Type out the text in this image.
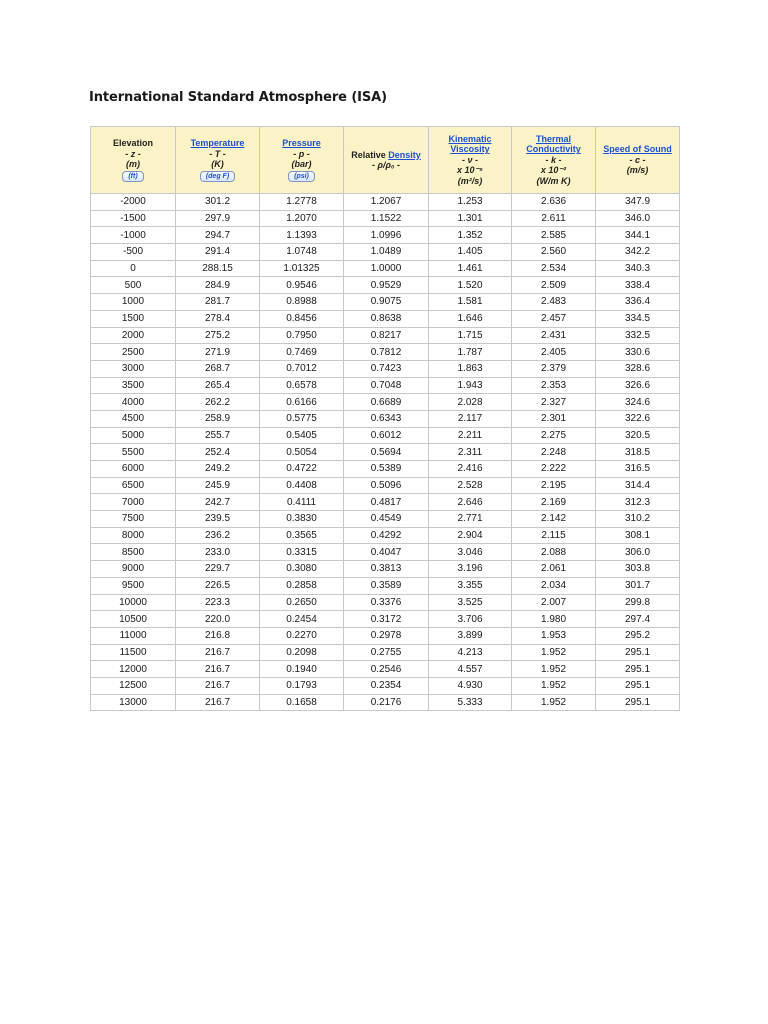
International Standard Atmosphere (ISA)
Elevation
- z -
(m)
(ft)	Temperature
- T -
(K)
(deg F)	Pressure
- p -
(bar)
(psi)	Relative Density
- ρ/ρ₀ -	Kinematic
Viscosity
- ν -
x 10⁻⁵
(m²/s)	Thermal
Conductivity
- k -
x 10⁻²
(W/m K)	Speed of Sound
- c -
(m/s)

-2000	301.2	1.2778	1.2067	1.253	2.636	347.9
-1500	297.9	1.2070	1.1522	1.301	2.611	346.0
-1000	294.7	1.1393	1.0996	1.352	2.585	344.1
-500	291.4	1.0748	1.0489	1.405	2.560	342.2
0	288.15	1.01325	1.0000	1.461	2.534	340.3
500	284.9	0.9546	0.9529	1.520	2.509	338.4
1000	281.7	0.8988	0.9075	1.581	2.483	336.4
1500	278.4	0.8456	0.8638	1.646	2.457	334.5
2000	275.2	0.7950	0.8217	1.715	2.431	332.5
2500	271.9	0.7469	0.7812	1.787	2.405	330.6
3000	268.7	0.7012	0.7423	1.863	2.379	328.6
3500	265.4	0.6578	0.7048	1.943	2.353	326.6
4000	262.2	0.6166	0.6689	2.028	2.327	324.6
4500	258.9	0.5775	0.6343	2.117	2.301	322.6
5000	255.7	0.5405	0.6012	2.211	2.275	320.5
5500	252.4	0.5054	0.5694	2.311	2.248	318.5
6000	249.2	0.4722	0.5389	2.416	2.222	316.5
6500	245.9	0.4408	0.5096	2.528	2.195	314.4
7000	242.7	0.4111	0.4817	2.646	2.169	312.3
7500	239.5	0.3830	0.4549	2.771	2.142	310.2
8000	236.2	0.3565	0.4292	2.904	2.115	308.1
8500	233.0	0.3315	0.4047	3.046	2.088	306.0
9000	229.7	0.3080	0.3813	3.196	2.061	303.8
9500	226.5	0.2858	0.3589	3.355	2.034	301.7
10000	223.3	0.2650	0.3376	3.525	2.007	299.8
10500	220.0	0.2454	0.3172	3.706	1.980	297.4
11000	216.8	0.2270	0.2978	3.899	1.953	295.2
11500	216.7	0.2098	0.2755	4.213	1.952	295.1
12000	216.7	0.1940	0.2546	4.557	1.952	295.1
12500	216.7	0.1793	0.2354	4.930	1.952	295.1
13000	216.7	0.1658	0.2176	5.333	1.952	295.1
